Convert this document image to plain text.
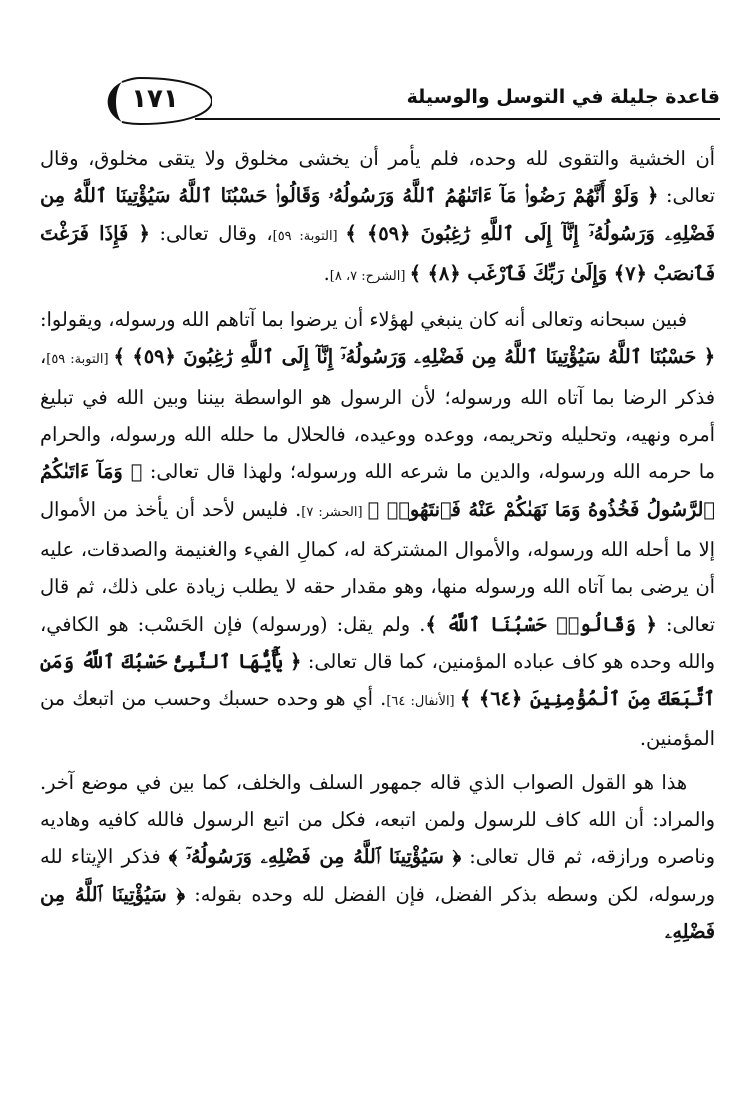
١٧١	قاعدة جليلة في التوسل والوسيلة

أن الخشية والتقوى لله وحده، فلم يأمر أن يخشى مخلوق ولا يتقى مخلوق، وقال تعالى: ﴿ وَلَوْ أَنَّهُمْ رَضُوا۟ مَآ ءَاتَىٰهُمُ ٱللَّهُ وَرَسُولُهُۥ وَقَالُوا۟ حَسْبُنَا ٱللَّهُ سَيُؤْتِينَا ٱللَّهُ مِن فَضْلِهِۦ وَرَسُولُهُۥٓ إِنَّآ إِلَى ٱللَّهِ رَٰغِبُونَ ﴿٥٩﴾ ﴾ [التوبة: ٥٩]، وقال تعالى: ﴿ فَإِذَا فَرَغْتَ فَٱنصَبْ ﴿٧﴾ وَإِلَىٰ رَبِّكَ فَٱرْغَب ﴿٨﴾ ﴾ [الشرح: ٧، ٨].

فبين سبحانه وتعالى أنه كان ينبغي لهؤلاء أن يرضوا بما آتاهم الله ورسوله، ويقولوا: ﴿ حَسْبُنَا ٱللَّهُ سَيُؤْتِينَا ٱللَّهُ مِن فَضْلِهِۦ وَرَسُولُهُۥٓ إِنَّآ إِلَى ٱللَّهِ رَٰغِبُونَ ﴿٥٩﴾ ﴾ [التوبة: ٥٩]، فذكر الرضا بما آتاه الله ورسوله؛ لأن الرسول هو الواسطة بيننا وبين الله في تبليغ أمره ونهيه، وتحليله وتحريمه، ووعده ووعيده، فالحلال ما حلله الله ورسوله، والحرام ما حرمه الله ورسوله، والدين ما شرعه الله ورسوله؛ ولهذا قال تعالى: ﴿ وَمَآ ءَاتَىٰكُمُ ٱلرَّسُولُ فَخُذُوهُ وَمَا نَهَىٰكُمْ عَنْهُ فَٱنتَهُوا۟ ﴾ [الحشر: ٧]. فليس لأحد أن يأخذ من الأموال إلا ما أحله الله ورسوله، والأموال المشتركة له، كمالِ الفيء والغنيمة والصدقات، عليه أن يرضى بما آتاه الله ورسوله منها، وهو مقدار حقه لا يطلب زيادة على ذلك، ثم قال تعالى: ﴿ وَقَالُوا۟ حَسْبُنَا ٱللَّهُ ﴾. ولم يقل: (ورسوله) فإن الحَسْب: هو الكافي، والله وحده هو كاف عباده المؤمنين، كما قال تعالى: ﴿ يَٰٓأَيُّهَا ٱلنَّبِىُّ حَسْبُكَ ٱللَّهُ وَمَنِ ٱتَّبَعَكَ مِنَ ٱلْمُؤْمِنِينَ ﴿٦٤﴾ ﴾ [الأنفال: ٦٤]. أي هو وحده حسبك وحسب من اتبعك من المؤمنين.

هذا هو القول الصواب الذي قاله جمهور السلف والخلف، كما بين في موضع آخر. والمراد: أن الله كاف للرسول ولمن اتبعه، فكل من اتبع الرسول فالله كافيه وهاديه وناصره ورازقه، ثم قال تعالى: ﴿ سَيُؤْتِينَا ٱللَّهُ مِن فَضْلِهِۦ وَرَسُولُهُۥٓ ﴾ فذكر الإيتاء لله ورسوله، لكن وسطه بذكر الفضل، فإن الفضل لله وحده بقوله: ﴿ سَيُؤْتِينَا ٱللَّهُ مِن فَضْلِهِۦ
